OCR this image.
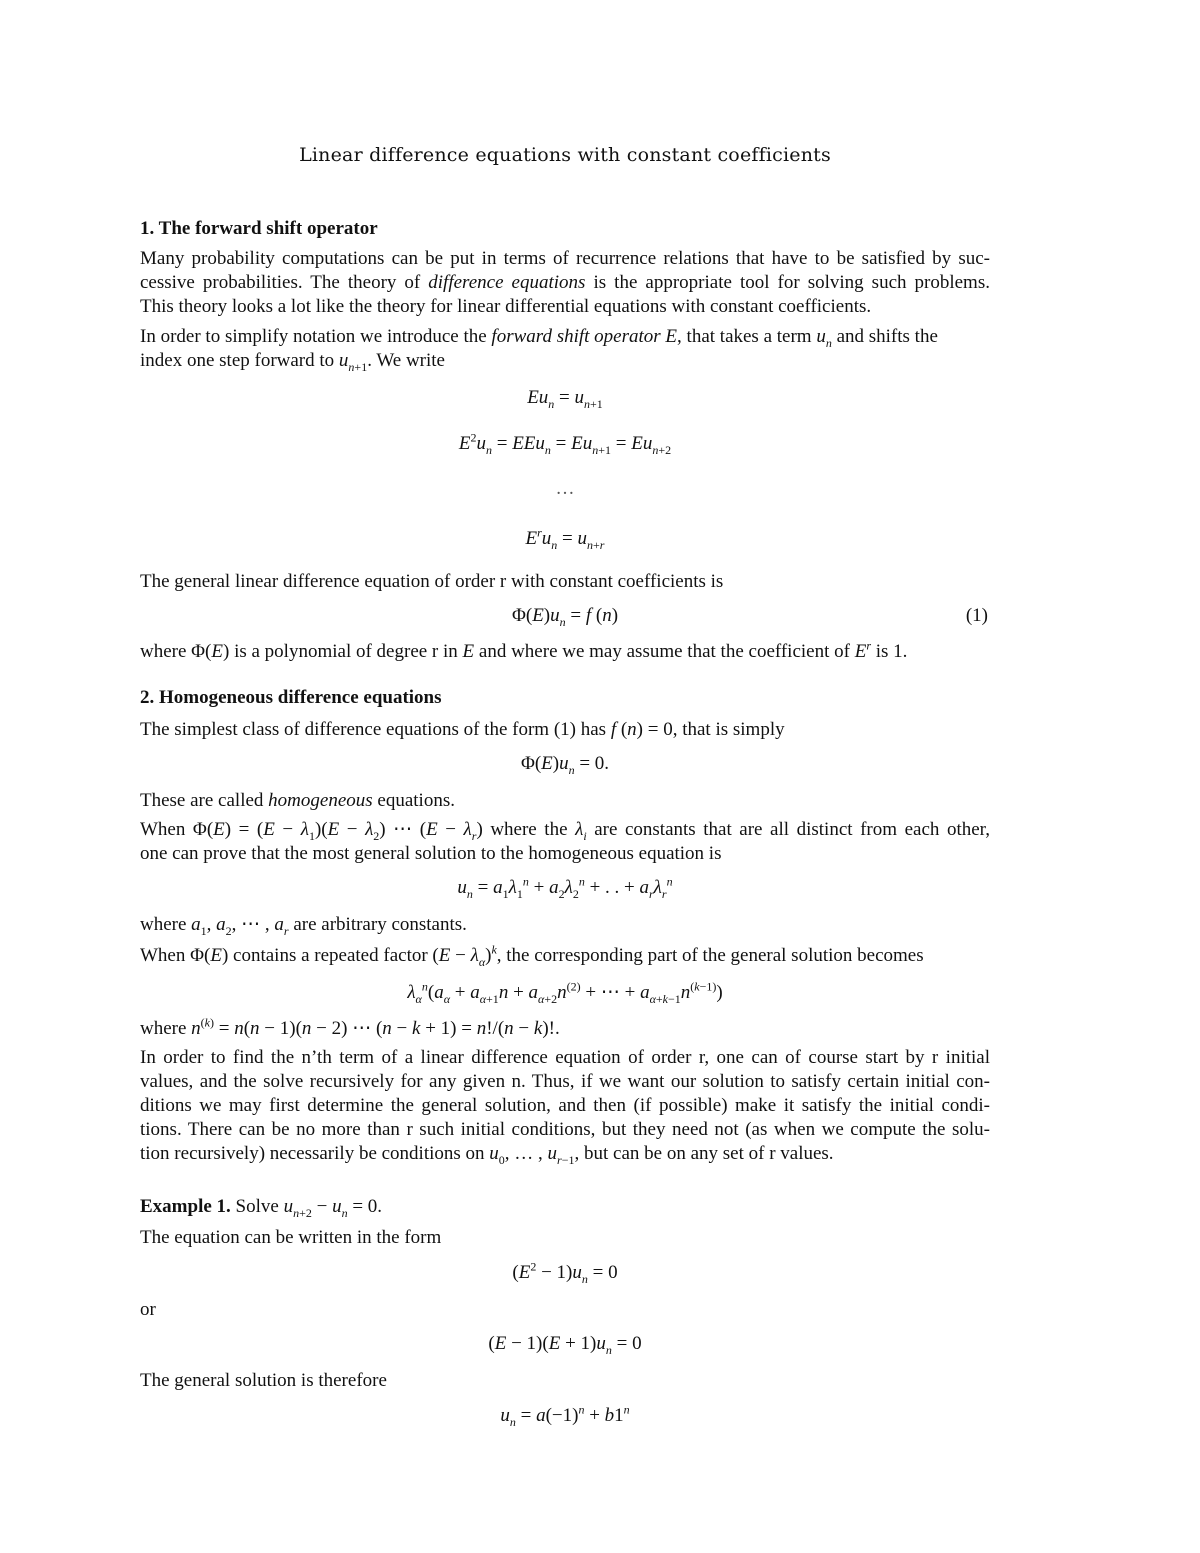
Linear difference equations with constant coefficients
1. The forward shift operator
Many probability computations can be put in terms of recurrence relations that have to be satisfied by suc-
cessive probabilities. The theory of difference equations is the appropriate tool for solving such problems.
This theory looks a lot like the theory for linear differential equations with constant coefficients.
In order to simplify notation we introduce the forward shift operator E, that takes a term $u_n$ and shifts the
index one step forward to $u_{n+1}$. We write
$Eu_n = u_{n+1}$
$E^2u_n = EEu_n = Eu_{n+1} = Eu_{n+2}$
…
$E^ru_n = u_{n+r}$
The general linear difference equation of order r with constant coefficients is
$\Phi(E)u_n = f$ (n)	(1)
where Φ(E) is a polynomial of degree r in E and where we may assume that the coefficient of $E^r$ is 1.
2. Homogeneous difference equations
The simplest class of difference equations of the form (1) has f (n) = 0, that is simply
$\Phi(E)u_n = 0$.
These are called homogeneous equations.
When $\Phi(E) = (E - \lambda_1)(E - \lambda_2)$ ⋯ $(E - \lambda_r)$ where the $\lambda_i$ are constants that are all distinct from each other,
one can prove that the most general solution to the homogeneous equation is
$u_n = a_1\lambda_1^n + a_2\lambda_2^n$ + . . + $a_r\lambda_r^n$
where $a_1$, $a_2$, ⋯ , $a_r$ are arbitrary constants.
When Φ(E) contains a repeated factor $(E - \lambda_\alpha)^k$, the corresponding part of the general solution becomes
$\lambda_\alpha^n(a_\alpha + a_{\alpha+1}n + a_{\alpha+2}n^{(2)}$ + ⋯ + $a_{\alpha+k-1}n^{(k-1)}$)
where $n^{(k)} = n(n - 1)(n - 2)$ ⋯ (n − k + 1) = n!/(n − k)!.
In order to find the n’th term of a linear difference equation of order r, one can of course start by r initial
values, and the solve recursively for any given n. Thus, if we want our solution to satisfy certain initial con-
ditions we may first determine the general solution, and then (if possible) make it satisfy the initial condi-
tions. There can be no more than r such initial conditions, but they need not (as when we compute the solu-
tion recursively) necessarily be conditions on $u_0$, … , $u_{r-1}$, but can be on any set of r values.
Example 1. Solve $u_{n+2} - u_n = 0$.
The equation can be written in the form
$(E^2 - 1)u_n = 0$
or
$(E - 1)(E + 1)u_n = 0$
The general solution is therefore
$u_n = a(-1)^n + b1^n$
